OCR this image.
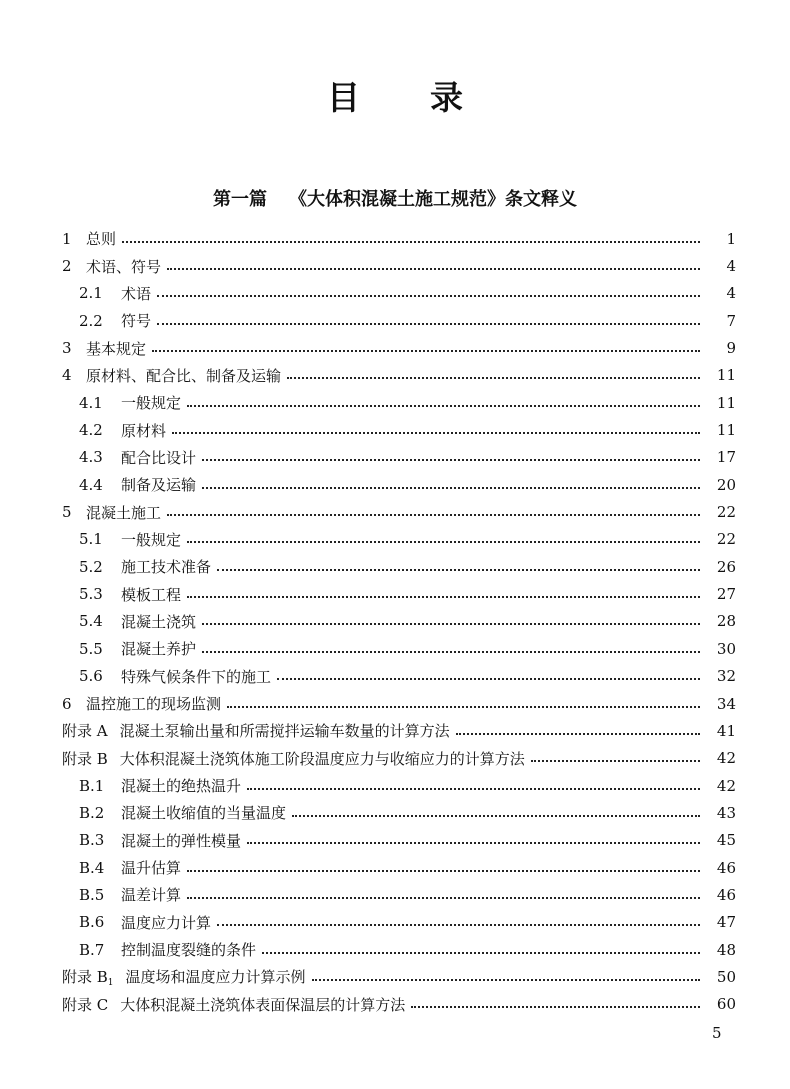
目 录
第一篇 《大体积混凝土施工规范》条文释义
1 总则	1
2 术语、符号	4
2.1	术语	4
2.2	符号	7
3 基本规定	9
4 原材料、配合比、制备及运输	11
4.1	一般规定	11
4.2	原材料	11
4.3	配合比设计	17
4.4	制备及运输	20
5 混凝土施工	22
5.1	一般规定	22
5.2	施工技术准备	26
5.3	模板工程	27
5.4	混凝土浇筑	28
5.5	混凝土养护	30
5.6	特殊气候条件下的施工	32
6 温控施工的现场监测	34
附录 A 混凝土泵输出量和所需搅拌运输车数量的计算方法	41
附录 B 大体积混凝土浇筑体施工阶段温度应力与收缩应力的计算方法	42
B.1	混凝土的绝热温升	42
B.2	混凝土收缩值的当量温度	43
B.3	混凝土的弹性模量	45
B.4	温升估算	46
B.5	温差计算	46
B.6	温度应力计算	47
B.7	控制温度裂缝的条件	48
附录 $B_1$ 温度场和温度应力计算示例	50
附录 C 大体积混凝土浇筑体表面保温层的计算方法	60
5
